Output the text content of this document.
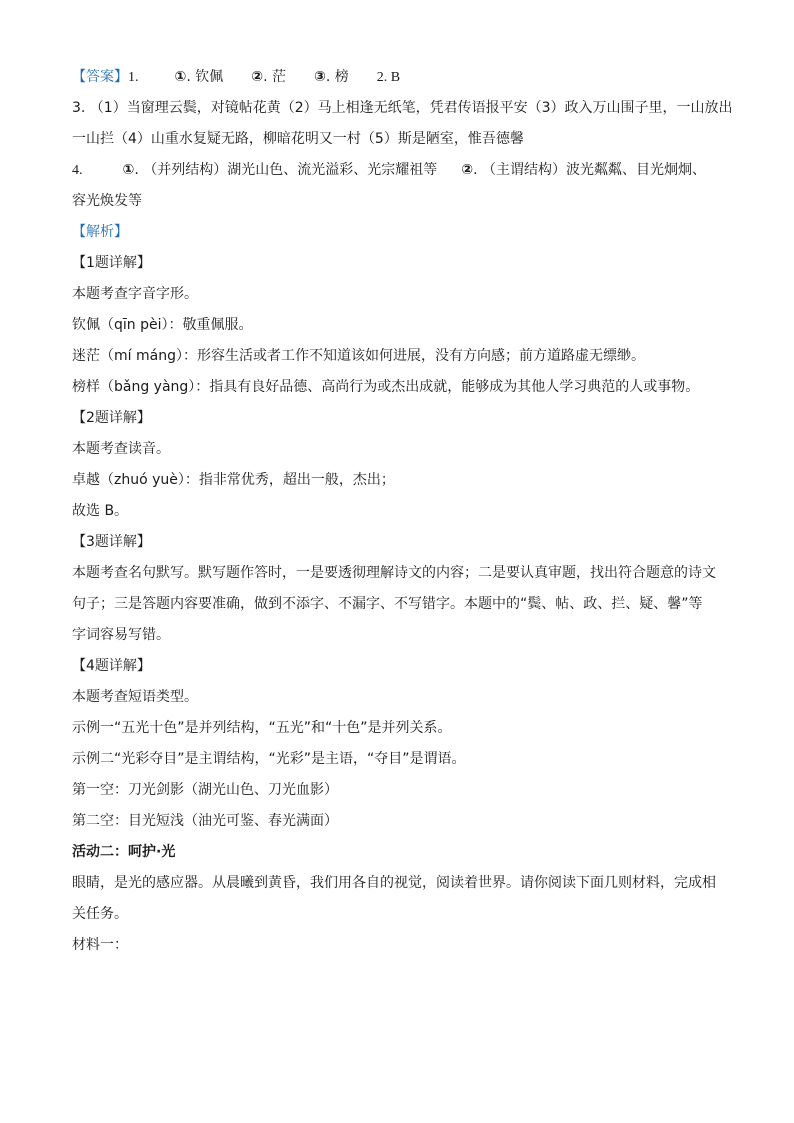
【答案】1.	①. 钦佩 ②. 茫 ③. 榜 2. B
3. （1）当窗理云鬓，对镜帖花黄（2）马上相逢无纸笔，凭君传语报平安（3）政入万山围子里，一山放出
一山拦（4）山重水复疑无路，柳暗花明又一村（5）斯是陋室，惟吾德馨
4.	①. （并列结构）湖光山色、流光溢彩、光宗耀祖等 ②. （主谓结构）波光粼粼、目光炯炯、
容光焕发等
【解析】
【1题详解】
本题考查字音字形。
钦佩（qīn pèi）：敬重佩服。
迷茫（mí máng）：形容生活或者工作不知道该如何进展，没有方向感；前方道路虚无缥缈。
榜样（bǎng yàng）：指具有良好品德、高尚行为或杰出成就，能够成为其他人学习典范的人或事物。
【2题详解】
本题考查读音。
卓越（zhuó yuè）：指非常优秀，超出一般，杰出；
故选 B。
【3题详解】
本题考查名句默写。默写题作答时，一是要透彻理解诗文的内容；二是要认真审题，找出符合题意的诗文
句子；三是答题内容要准确，做到不添字、不漏字、不写错字。本题中的“鬓、帖、政、拦、疑、馨”等
字词容易写错。
【4题详解】
本题考查短语类型。
示例一“五光十色”是并列结构，“五光”和“十色”是并列关系。
示例二“光彩夺目”是主谓结构，“光彩”是主语，“夺目”是谓语。
第一空：刀光剑影（湖光山色、刀光血影）
第二空：目光短浅（油光可鉴、春光满面）
活动二：呵护·光
眼睛，是光的感应器。从晨曦到黄昏，我们用各自的视觉，阅读着世界。请你阅读下面几则材料，完成相
关任务。
材料一：
